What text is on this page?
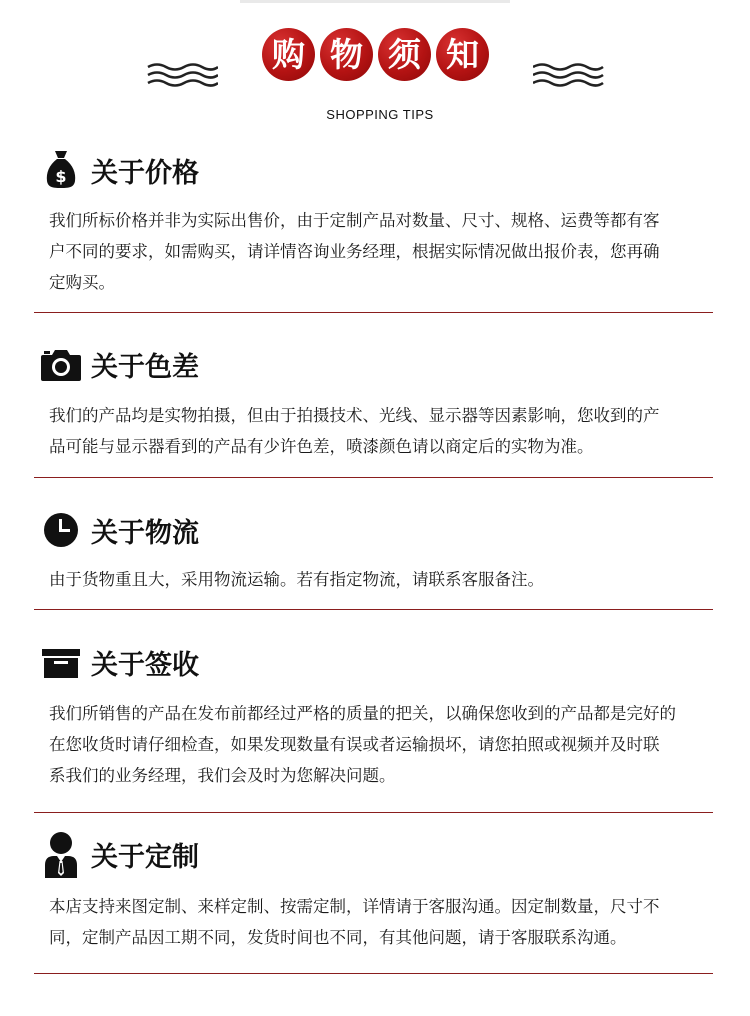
购 物 须 知
SHOPPING TIPS
$ 关于价格
我们所标价格并非为实际出售价，由于定制产品对数量、尺寸、规格、运费等都有客
户不同的要求，如需购买，请详情咨询业务经理，根据实际情况做出报价表，您再确
定购买。
关于色差
我们的产品均是实物拍摄，但由于拍摄技术、光线、显示器等因素影响，您收到的产
品可能与显示器看到的产品有少许色差，喷漆颜色请以商定后的实物为准。
关于物流
由于货物重且大，采用物流运输。若有指定物流，请联系客服备注。
关于签收
我们所销售的产品在发布前都经过严格的质量的把关，以确保您收到的产品都是完好的
在您收货时请仔细检查，如果发现数量有误或者运输损坏，请您拍照或视频并及时联
系我们的业务经理，我们会及时为您解决问题。
关于定制
本店支持来图定制、来样定制、按需定制，详情请于客服沟通。因定制数量，尺寸不
同，定制产品因工期不同，发货时间也不同，有其他问题，请于客服联系沟通。
